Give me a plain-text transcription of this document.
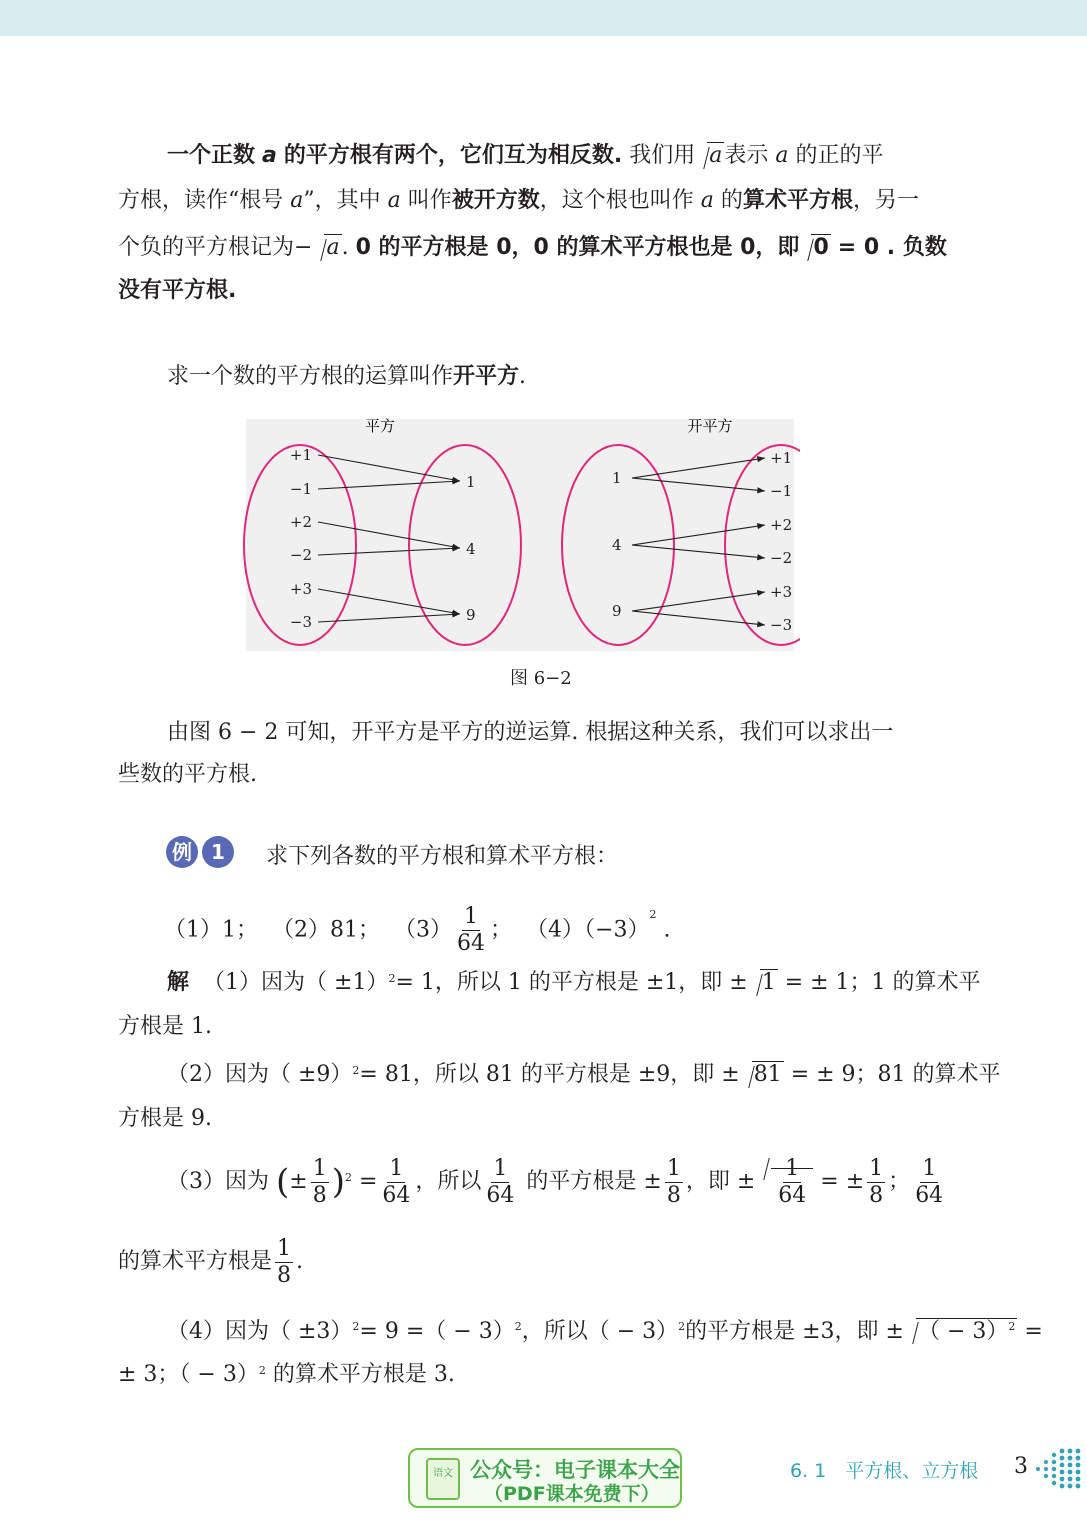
一个正数 a 的平方根有两个，它们互为相反数. 我们用 a表示 a 的正的平
方根，读作“根号 a”，其中 a 叫作被开方数，这个根也叫作 a 的算术平方根，另一
个负的平方根记为− a. 0 的平方根是 0，0 的算术平方根也是 0，即 0 = 0 . 负数
没有平方根.
求一个数的平方根的运算叫作开平方.
平方	开平方
+1
−1
+2
−2
+3
−3
1
4
9
1
4
9
+1
−1
+2
−2
+3
−3
图 6−2
由图 6 − 2 可知，开平方是平方的逆运算. 根据这种关系，我们可以求出一
些数的平方根.
例 1	求下列各数的平方根和算术平方根：
（1）1； （2）81； $(3) \frac{1}{64}$ ； $(4)(-3)^2$ .
解 （1）因为（ ±1）$^2$= 1，所以 1 的平方根是 ±1，即 ± 1 = ± 1；1 的算术平
方根是 1.
（2）因为（ ±9）$^2$= 81，所以 81 的平方根是 ±9，即 ± 81 = ± 9；81 的算术平
方根是 9.
（3）因为 (± $\frac{1}{8} )^2 = \frac{1}{64}$ ，所以 $\frac{1}{64}$ 的平方根是 ± $\frac{1}{8}$ ，即 ± $\frac{1}{64}$ = ± $\frac{1}{8}$ ； $\frac{1}{64}$
的算术平方根是 $\frac{1}{8}$ .
（4）因为（ ±3）$^2$= 9 =（ − 3）$^2$，所以（ − 3）$^2$的平方根是 ±3，即 ± （ − 3）$^2$ =
± 3；（ − 3）$^2$ 的算术平方根是 3.
语文 公众号：电子课本大全
（PDF课本免费下）
6. 1　平方根、立方根 3
